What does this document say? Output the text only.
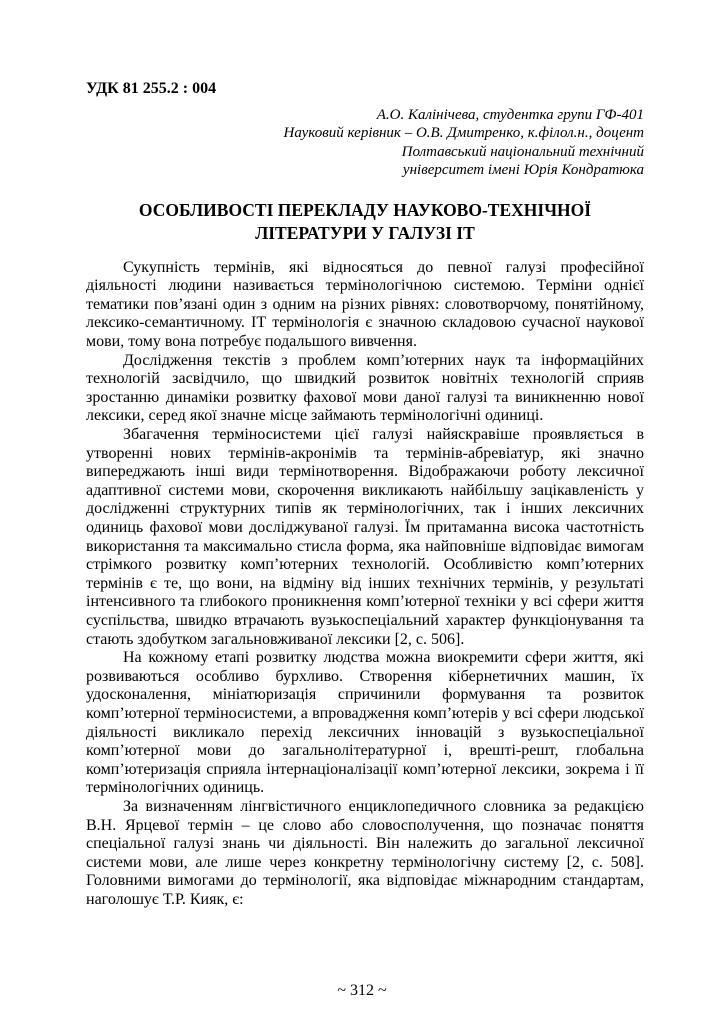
УДК 81 255.2 : 004
А.О. Калінічева, студентка групи ГФ-401
Науковий керівник – О.В. Дмитренко, к.філол.н., доцент
Полтавський національний технічний
університет імені Юрія Кондратюка
ОСОБЛИВОСТІ ПЕРЕКЛАДУ НАУКОВО-ТЕХНІЧНОЇ ЛІТЕРАТУРИ У ГАЛУЗІ ІТ

Сукупність термінів, які відносяться до певної галузі професійної діяльності людини називається термінологічною системою. Терміни однієї тематики пов’язані один з одним на різних рівнях: словотворчому, понятійному, лексико-семантичному. ІТ термінологія є значною складовою сучасної наукової мови, тому вона потребує подальшого вивчення.

Дослідження текстів з проблем комп’ютерних наук та інформаційних технологій засвідчило, що швидкий розвиток новітніх технологій сприяв зростанню динаміки розвитку фахової мови даної галузі та виникненню нової лексики, серед якої значне місце займають термінологічні одиниці.

Збагачення терміносистеми цієї галузі найяскравіше проявляється в утворенні нових термінів-акронімів та термінів-абревіатур, які значно випереджають інші види термінотворення. Відображаючи роботу лексичної адаптивної системи мови, скорочення викликають найбільшу зацікавленість у дослідженні структурних типів як термінологічних, так і інших лексичних одиниць фахової мови досліджуваної галузі. Їм притаманна висока частотність використання та максимально стисла форма, яка найповніше відповідає вимогам стрімкого розвитку комп’ютерних технологій. Особливістю комп’ютерних термінів є те, що вони, на відміну від інших технічних термінів, у результаті інтенсивного та глибокого проникнення комп’ютерної техніки у всі сфери життя суспільства, швидко втрачають вузькоспеціальний характер функціонування та стають здобутком загальновживаної лексики [2, с. 506].

На кожному етапі розвитку людства можна виокремити сфери життя, які розвиваються особливо бурхливо. Створення кібернетичних машин, їх удосконалення, мініатюризація спричинили формування та розвиток комп’ютерної терміносистеми, а впровадження комп’ютерів у всі сфери людської діяльності викликало перехід лексичних інновацій з вузькоспеціальної комп’ютерної мови до загальнолітературної і, врешті-решт, глобальна комп’ютеризація сприяла інтернаціоналізації комп’ютерної лексики, зокрема і її термінологічних одиниць.

За визначенням лінгвістичного енциклопедичного словника за редакцією В.Н. Ярцевої термін – це слово або словосполучення, що позначає поняття спеціальної галузі знань чи діяльності. Він належить до загальної лексичної системи мови, але лише через конкретну термінологічну систему [2, с. 508]. Головними вимогами до термінології, яка відповідає міжнародним стандартам, наголошує Т.Р. Кияк, є:

~ 312 ~
